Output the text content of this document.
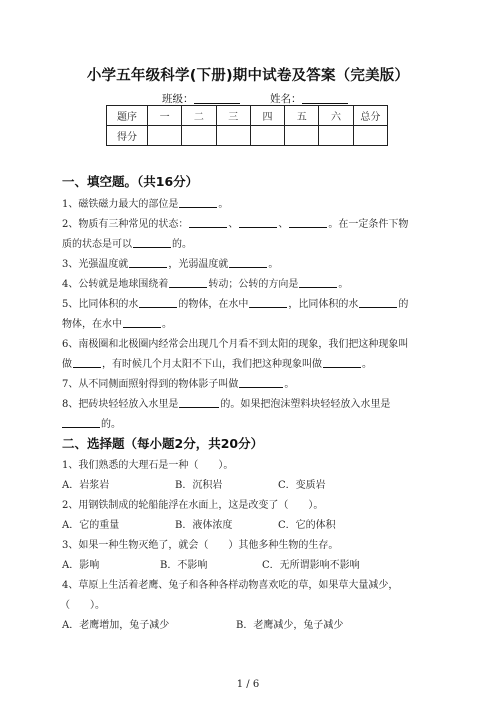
小学五年级科学(下册)期中试卷及答案（完美版）
班级：	姓名：
题序	一	二	三	四	五	六	总分
得分							
一、填空题。（共16分）
1、磁铁磁力最大的部位是	。
2、物质有三种常见的状态：	、	、	。在一定条件下物
质的状态是可以	的。
3、光强温度就	，光弱温度就	。
4、公转就是地球围绕着	转动；公转的方向是	。
5、比同体积的水	的物体，在水中	，比同体积的水	的
物体，在水中	。
6、南极圈和北极圈内经常会出现几个月看不到太阳的现象，我们把这种现象叫
做	，有时候几个月太阳不下山，我们把这种现象叫做	。
7、从不同侧面照射得到的物体影子叫做	。
8、把砖块轻轻放入水里是	的。如果把泡沫塑料块轻轻放入水里是
的。
二、选择题（每小题2分，共20分）
1、我们熟悉的大理石是一种（　　）。
A．岩浆岩	B．沉积岩	C．变质岩
2、用钢铁制成的轮船能浮在水面上，这是改变了（　　）。
A．它的重量	B．液体浓度	C．它的体积
3、如果一种生物灭绝了，就会（　　）其他多种生物的生存。
A．影响	B．不影响	C．无所谓影响不影响
4、草原上生活着老鹰、兔子和各种各样动物喜欢吃的草，如果草大量减少，
（　　）。
A．老鹰增加，兔子减少	B．老鹰减少，兔子减少
1 / 6
